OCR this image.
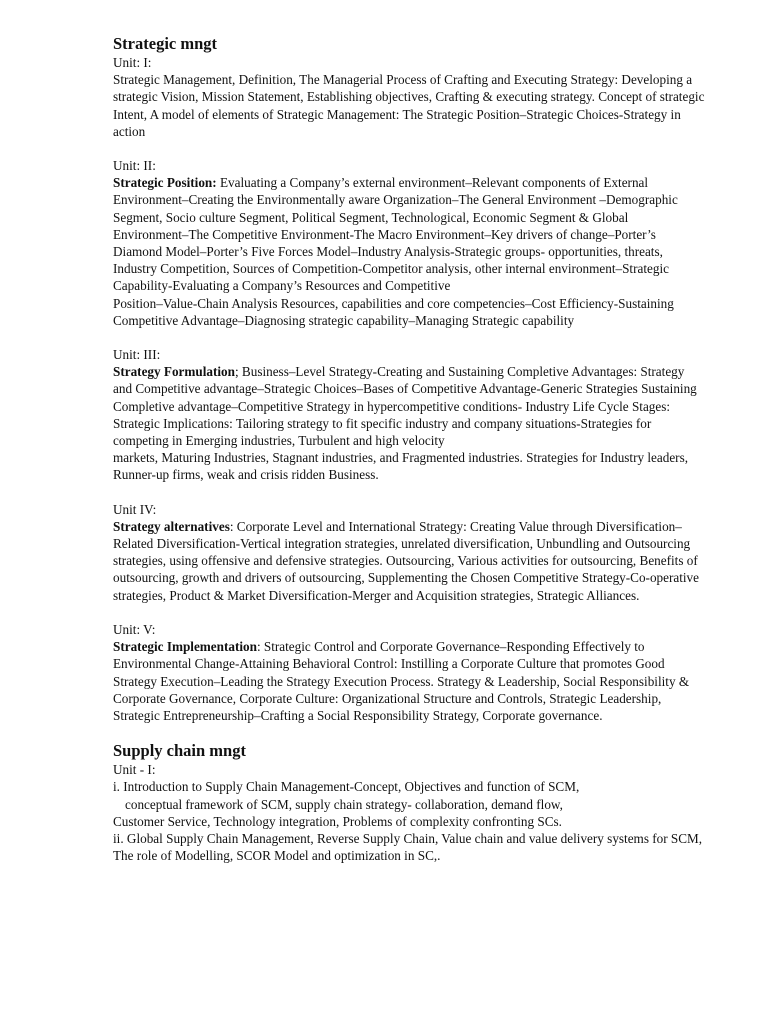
Strategic mngt

Unit: I:

Strategic Management, Definition, The Managerial Process of Crafting and Executing Strategy: Developing a strategic Vision, Mission Statement, Establishing objectives, Crafting & executing strategy. Concept of strategic Intent, A model of elements of Strategic Management: The Strategic Position–Strategic Choices-Strategy in action

Unit: II:

Strategic Position: Evaluating a Company’s external environment–Relevant components of External Environment–Creating the Environmentally aware Organization–The General Environment –Demographic Segment, Socio culture Segment, Political Segment, Technological, Economic Segment & Global Environment–The Competitive Environment-The Macro Environment–Key drivers of change–Porter’s Diamond Model–Porter’s Five Forces Model–Industry Analysis-Strategic groups- opportunities, threats, Industry Competition, Sources of Competition-Competitor analysis, other internal environment–Strategic Capability-Evaluating a Company’s Resources and Competitive

Position–Value-Chain Analysis Resources, capabilities and core competencies–Cost Efficiency-Sustaining Competitive Advantage–Diagnosing strategic capability–Managing Strategic capability

Unit: III:

Strategy Formulation; Business–Level Strategy-Creating and Sustaining Completive Advantages: Strategy and Competitive advantage–Strategic Choices–Bases of Competitive Advantage-Generic Strategies Sustaining Completive advantage–Competitive Strategy in hypercompetitive conditions- Industry Life Cycle Stages: Strategic Implications: Tailoring strategy to fit specific industry and company situations-Strategies for competing in Emerging industries, Turbulent and high velocity

markets, Maturing Industries, Stagnant industries, and Fragmented industries. Strategies for Industry leaders, Runner-up firms, weak and crisis ridden Business.

Unit IV:

Strategy alternatives: Corporate Level and International Strategy: Creating Value through Diversification–Related Diversification-Vertical integration strategies, unrelated diversification, Unbundling and Outsourcing strategies, using offensive and defensive strategies. Outsourcing, Various activities for outsourcing, Benefits of outsourcing, growth and drivers of outsourcing, Supplementing the Chosen Competitive Strategy-Co-operative strategies, Product & Market Diversification-Merger and Acquisition strategies, Strategic Alliances.

Unit: V:

Strategic Implementation: Strategic Control and Corporate Governance–Responding Effectively to Environmental Change-Attaining Behavioral Control: Instilling a Corporate Culture that promotes Good Strategy Execution–Leading the Strategy Execution Process. Strategy & Leadership, Social Responsibility & Corporate Governance, Corporate Culture: Organizational Structure and Controls, Strategic Leadership, Strategic Entrepreneurship–Crafting a Social Responsibility Strategy, Corporate governance.

Supply chain mngt

Unit - I:

i. Introduction to Supply Chain Management-Concept, Objectives and function of SCM,
conceptual framework of SCM, supply chain strategy- collaboration, demand flow,
Customer Service, Technology integration, Problems of complexity confronting SCs.
ii. Global Supply Chain Management, Reverse Supply Chain, Value chain and value delivery systems for SCM, The role of Modelling, SCOR Model and optimization in SC,.
